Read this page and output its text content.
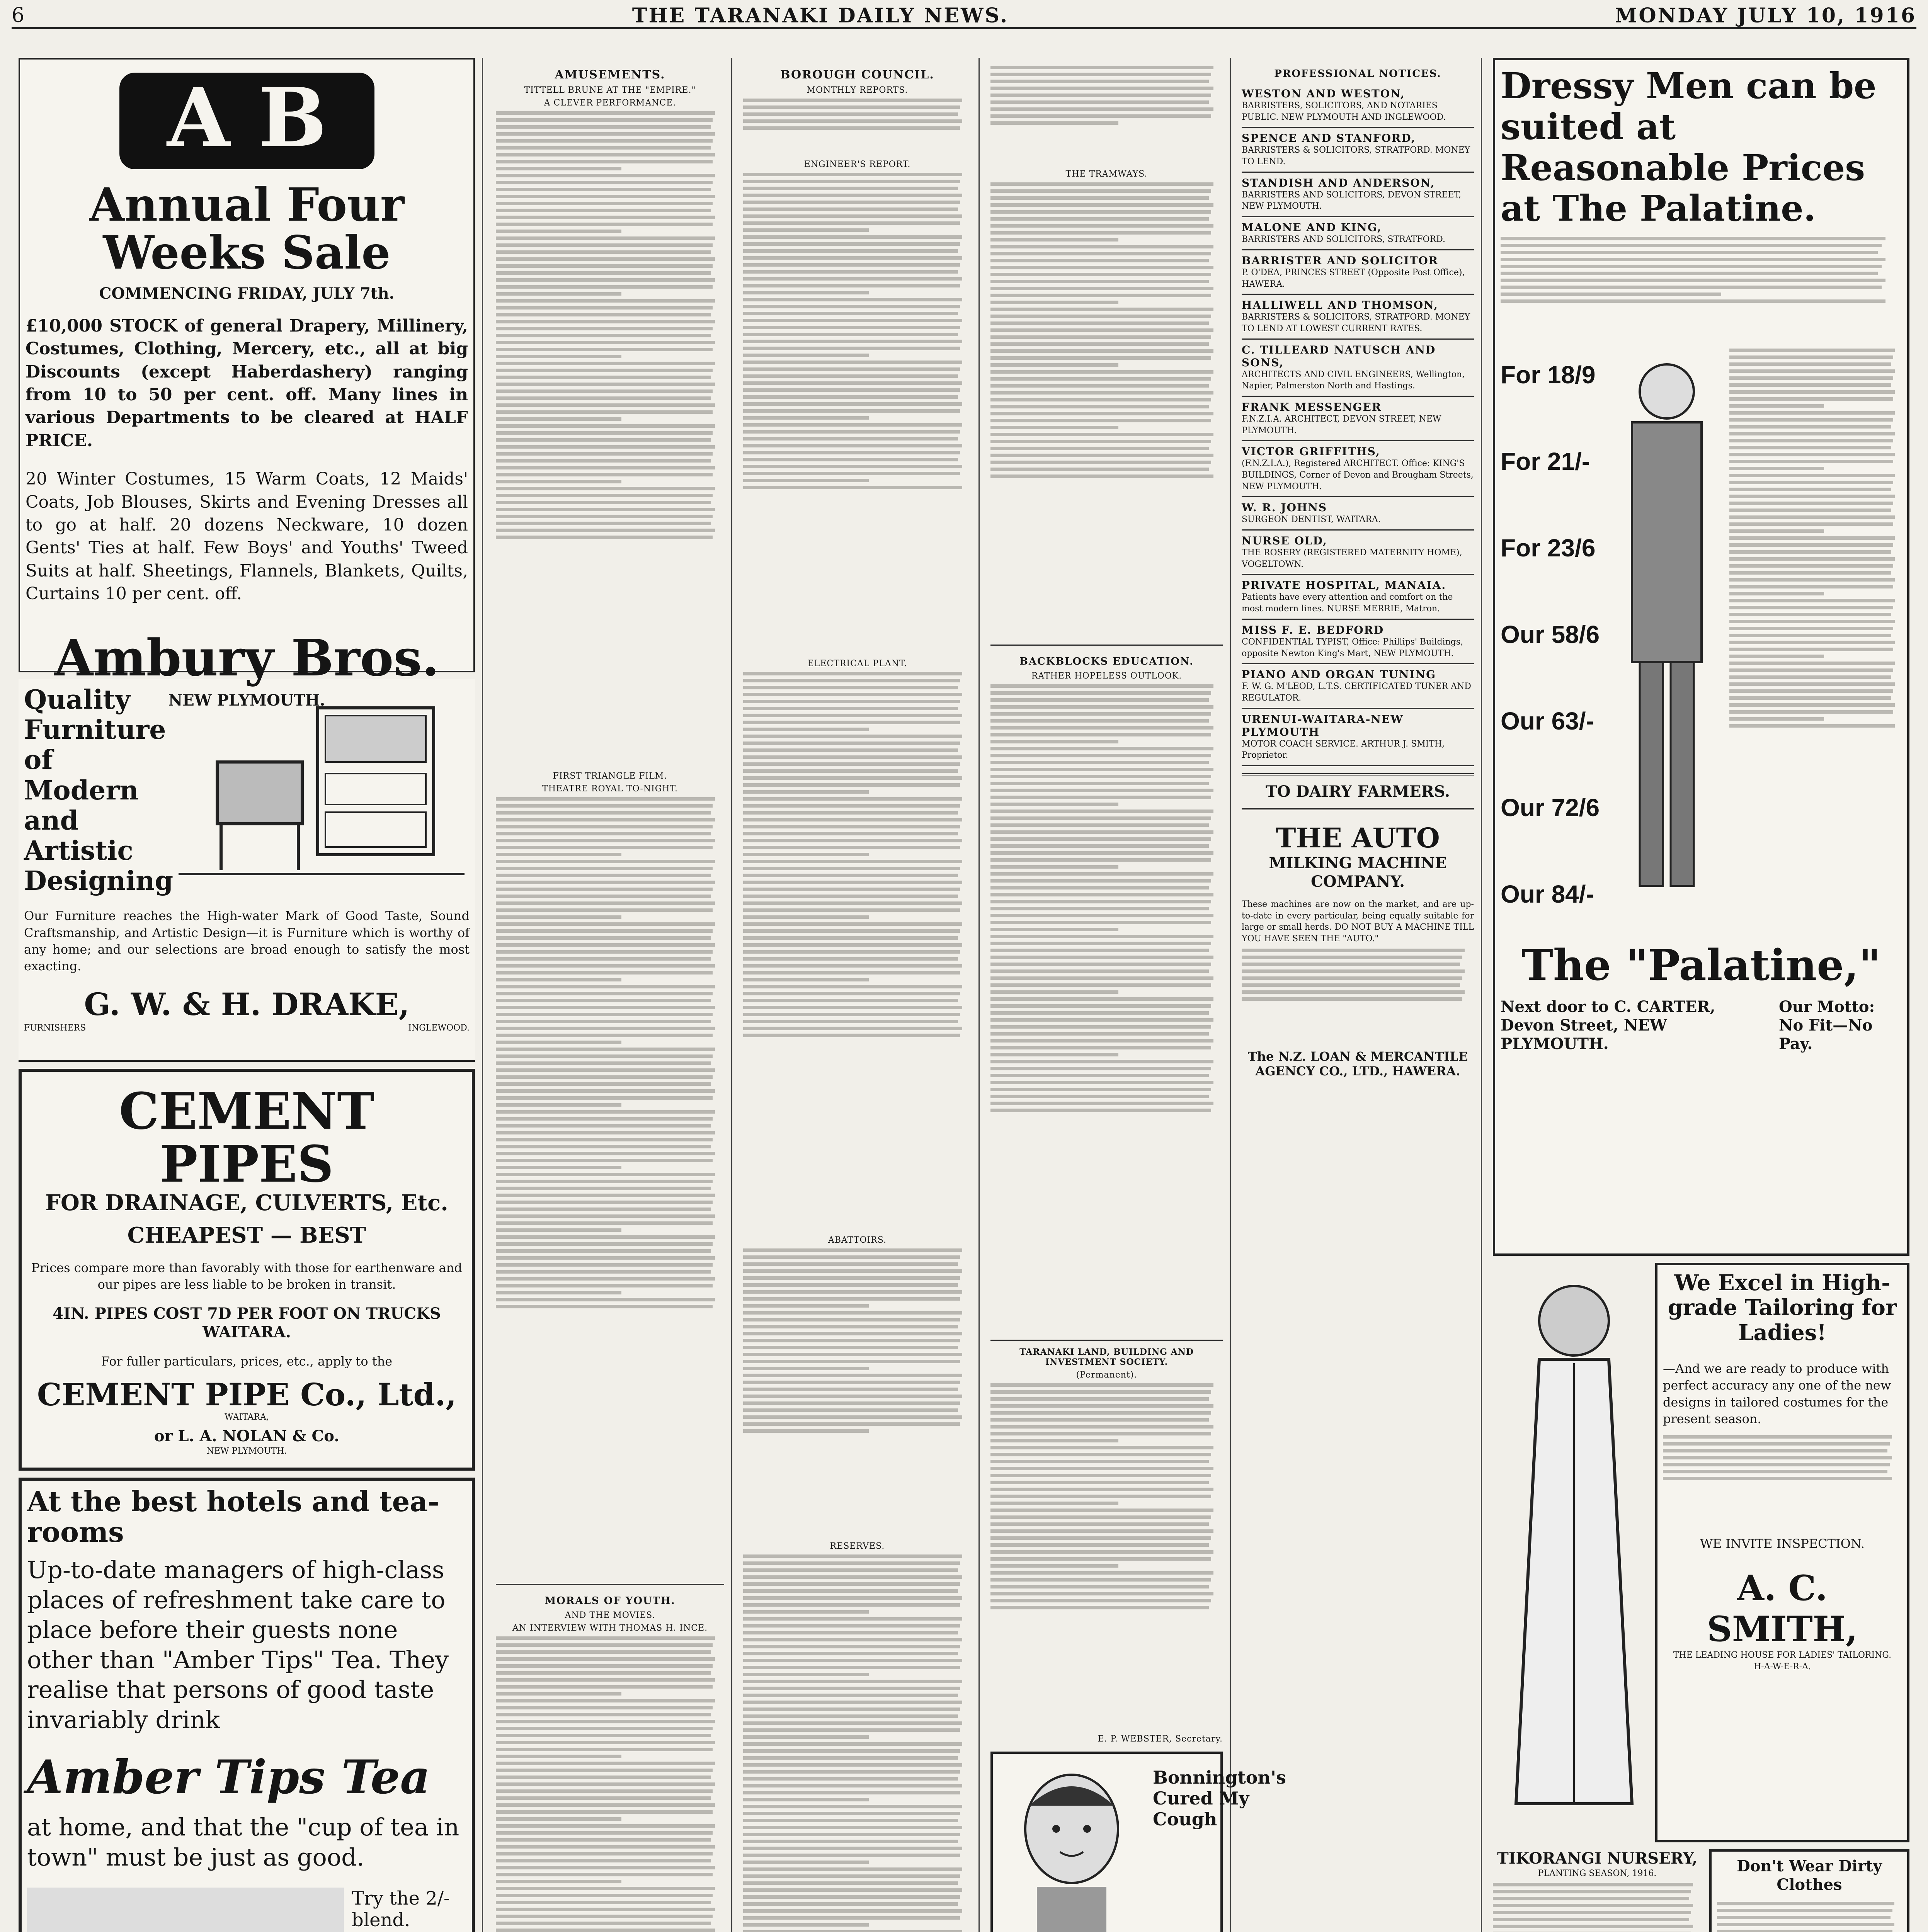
6	THE TARANAKI DAILY NEWS.	MONDAY JULY 10, 1916
A B
Annual Four Weeks Sale
COMMENCING FRIDAY, JULY 7th.
£10,000 STOCK of general Drapery, Millinery, Costumes, Clothing, Mercery, etc., all at big Discounts (except Haberdashery) ranging from 10 to 50 per cent. off. Many lines in various Departments to be cleared at HALF PRICE.
20 Winter Costumes, 15 Warm Coats, 12 Maids' Coats, Job Blouses, Skirts and Evening Dresses all to go at half. 20 dozens Neckware, 10 dozen Gents' Ties at half. Few Boys' and Youths' Tweed Suits at half. Sheetings, Flannels, Blankets, Quilts, Curtains 10 per cent. off.
Ambury Bros.
NEW PLYMOUTH.
Quality Furniture of Modern and Artistic Designing
Our Furniture reaches the High-water Mark of Good Taste, Sound Craftsmanship, and Artistic Design—it is Furniture which is worthy of any home; and our selections are broad enough to satisfy the most exacting.
G. W. & H. DRAKE,
FURNISHERS	INGLEWOOD.
CEMENT PIPES
FOR DRAINAGE, CULVERTS, Etc.
CHEAPEST — BEST
Prices compare more than favorably with those for earthenware and our pipes are less liable to be broken in transit.
4IN. PIPES COST 7D PER FOOT ON TRUCKS WAITARA.
For fuller particulars, prices, etc., apply to the
CEMENT PIPE Co., Ltd.,
WAITARA,
or L. A. NOLAN & Co.
NEW PLYMOUTH.
At the best hotels and tea-rooms
Up-to-date managers of high-class places of refreshment take care to place before their guests none other than "Amber Tips" Tea. They realise that persons of good taste invariably drink
Amber Tips Tea
at home, and that the "cup of tea in town" must be just as good.
Try the 2/- blend.
AMUSEMENTS.
TITTELL BRUNE AT THE "EMPIRE."
A CLEVER PERFORMANCE.
FIRST TRIANGLE FILM.
THEATRE ROYAL TO-NIGHT.
MORALS OF YOUTH.
AND THE MOVIES.
AN INTERVIEW WITH THOMAS H. INCE.
BOROUGH COUNCIL.
MONTHLY REPORTS.
ENGINEER'S REPORT.
ELECTRICAL PLANT.
ABATTOIRS.
RESERVES.
THE TRAMWAYS.
BACKBLOCKS EDUCATION.
RATHER HOPELESS OUTLOOK.
TARANAKI LAND, BUILDING AND INVESTMENT SOCIETY.
(Permanent).
E. P. WEBSTER, Secretary.
Bonnington's Cured My Cough
PROFESSIONAL NOTICES.
WESTON AND WESTON,
BARRISTERS, SOLICITORS, AND NOTARIES PUBLIC. NEW PLYMOUTH AND INGLEWOOD.
SPENCE AND STANFORD,
BARRISTERS & SOLICITORS, STRATFORD. MONEY TO LEND.
STANDISH AND ANDERSON,
BARRISTERS AND SOLICITORS, DEVON STREET, NEW PLYMOUTH.
MALONE AND KING,
BARRISTERS AND SOLICITORS, STRATFORD.
BARRISTER AND SOLICITOR
P. O'DEA, PRINCES STREET (Opposite Post Office), HAWERA.
HALLIWELL AND THOMSON,
BARRISTERS & SOLICITORS, STRATFORD. MONEY TO LEND AT LOWEST CURRENT RATES.
C. TILLEARD NATUSCH AND SONS,
ARCHITECTS AND CIVIL ENGINEERS, Wellington, Napier, Palmerston North and Hastings.
FRANK MESSENGER
F.N.Z.I.A. ARCHITECT, DEVON STREET, NEW PLYMOUTH.
VICTOR GRIFFITHS,
(F.N.Z.I.A.), Registered ARCHITECT. Office: KING'S BUILDINGS, Corner of Devon and Brougham Streets, NEW PLYMOUTH.
W. R. JOHNS
SURGEON DENTIST, WAITARA.
NURSE OLD,
THE ROSERY (REGISTERED MATERNITY HOME), VOGELTOWN.
PRIVATE HOSPITAL, MANAIA.
Patients have every attention and comfort on the most modern lines. NURSE MERRIE, Matron.
MISS F. E. BEDFORD
CONFIDENTIAL TYPIST, Office: Phillips' Buildings, opposite Newton King's Mart, NEW PLYMOUTH.
PIANO AND ORGAN TUNING
F. W. G. M'LEOD, L.T.S. CERTIFICATED TUNER AND REGULATOR.
URENUI-WAITARA-NEW PLYMOUTH
MOTOR COACH SERVICE. ARTHUR J. SMITH, Proprietor.
TO DAIRY FARMERS.
THE AUTO
MILKING MACHINE COMPANY.
These machines are now on the market, and are up-to-date in every particular, being equally suitable for large or small herds. DO NOT BUY A MACHINE TILL YOU HAVE SEEN THE "AUTO."
The N.Z. LOAN & MERCANTILE AGENCY CO., LTD., HAWERA.
Dressy Men can be suited at Reasonable Prices at The Palatine.
For 18/9
For 21/-
For 23/6
Our 58/6
Our 63/-
Our 72/6
Our 84/-
The "Palatine,"
Next door to C. CARTER,
Devon Street, NEW PLYMOUTH.
Our Motto: No Fit—No Pay.
We Excel in High-grade Tailoring for Ladies!
—And we are ready to produce with perfect accuracy any one of the new designs in tailored costumes for the present season.
WE INVITE INSPECTION.
A. C. SMITH,
THE LEADING HOUSE FOR LADIES' TAILORING.
H-A-W-E-R-A.
TIKORANGI NURSERY,
PLANTING SEASON, 1916.	Don't Wear Dirty Clothes
